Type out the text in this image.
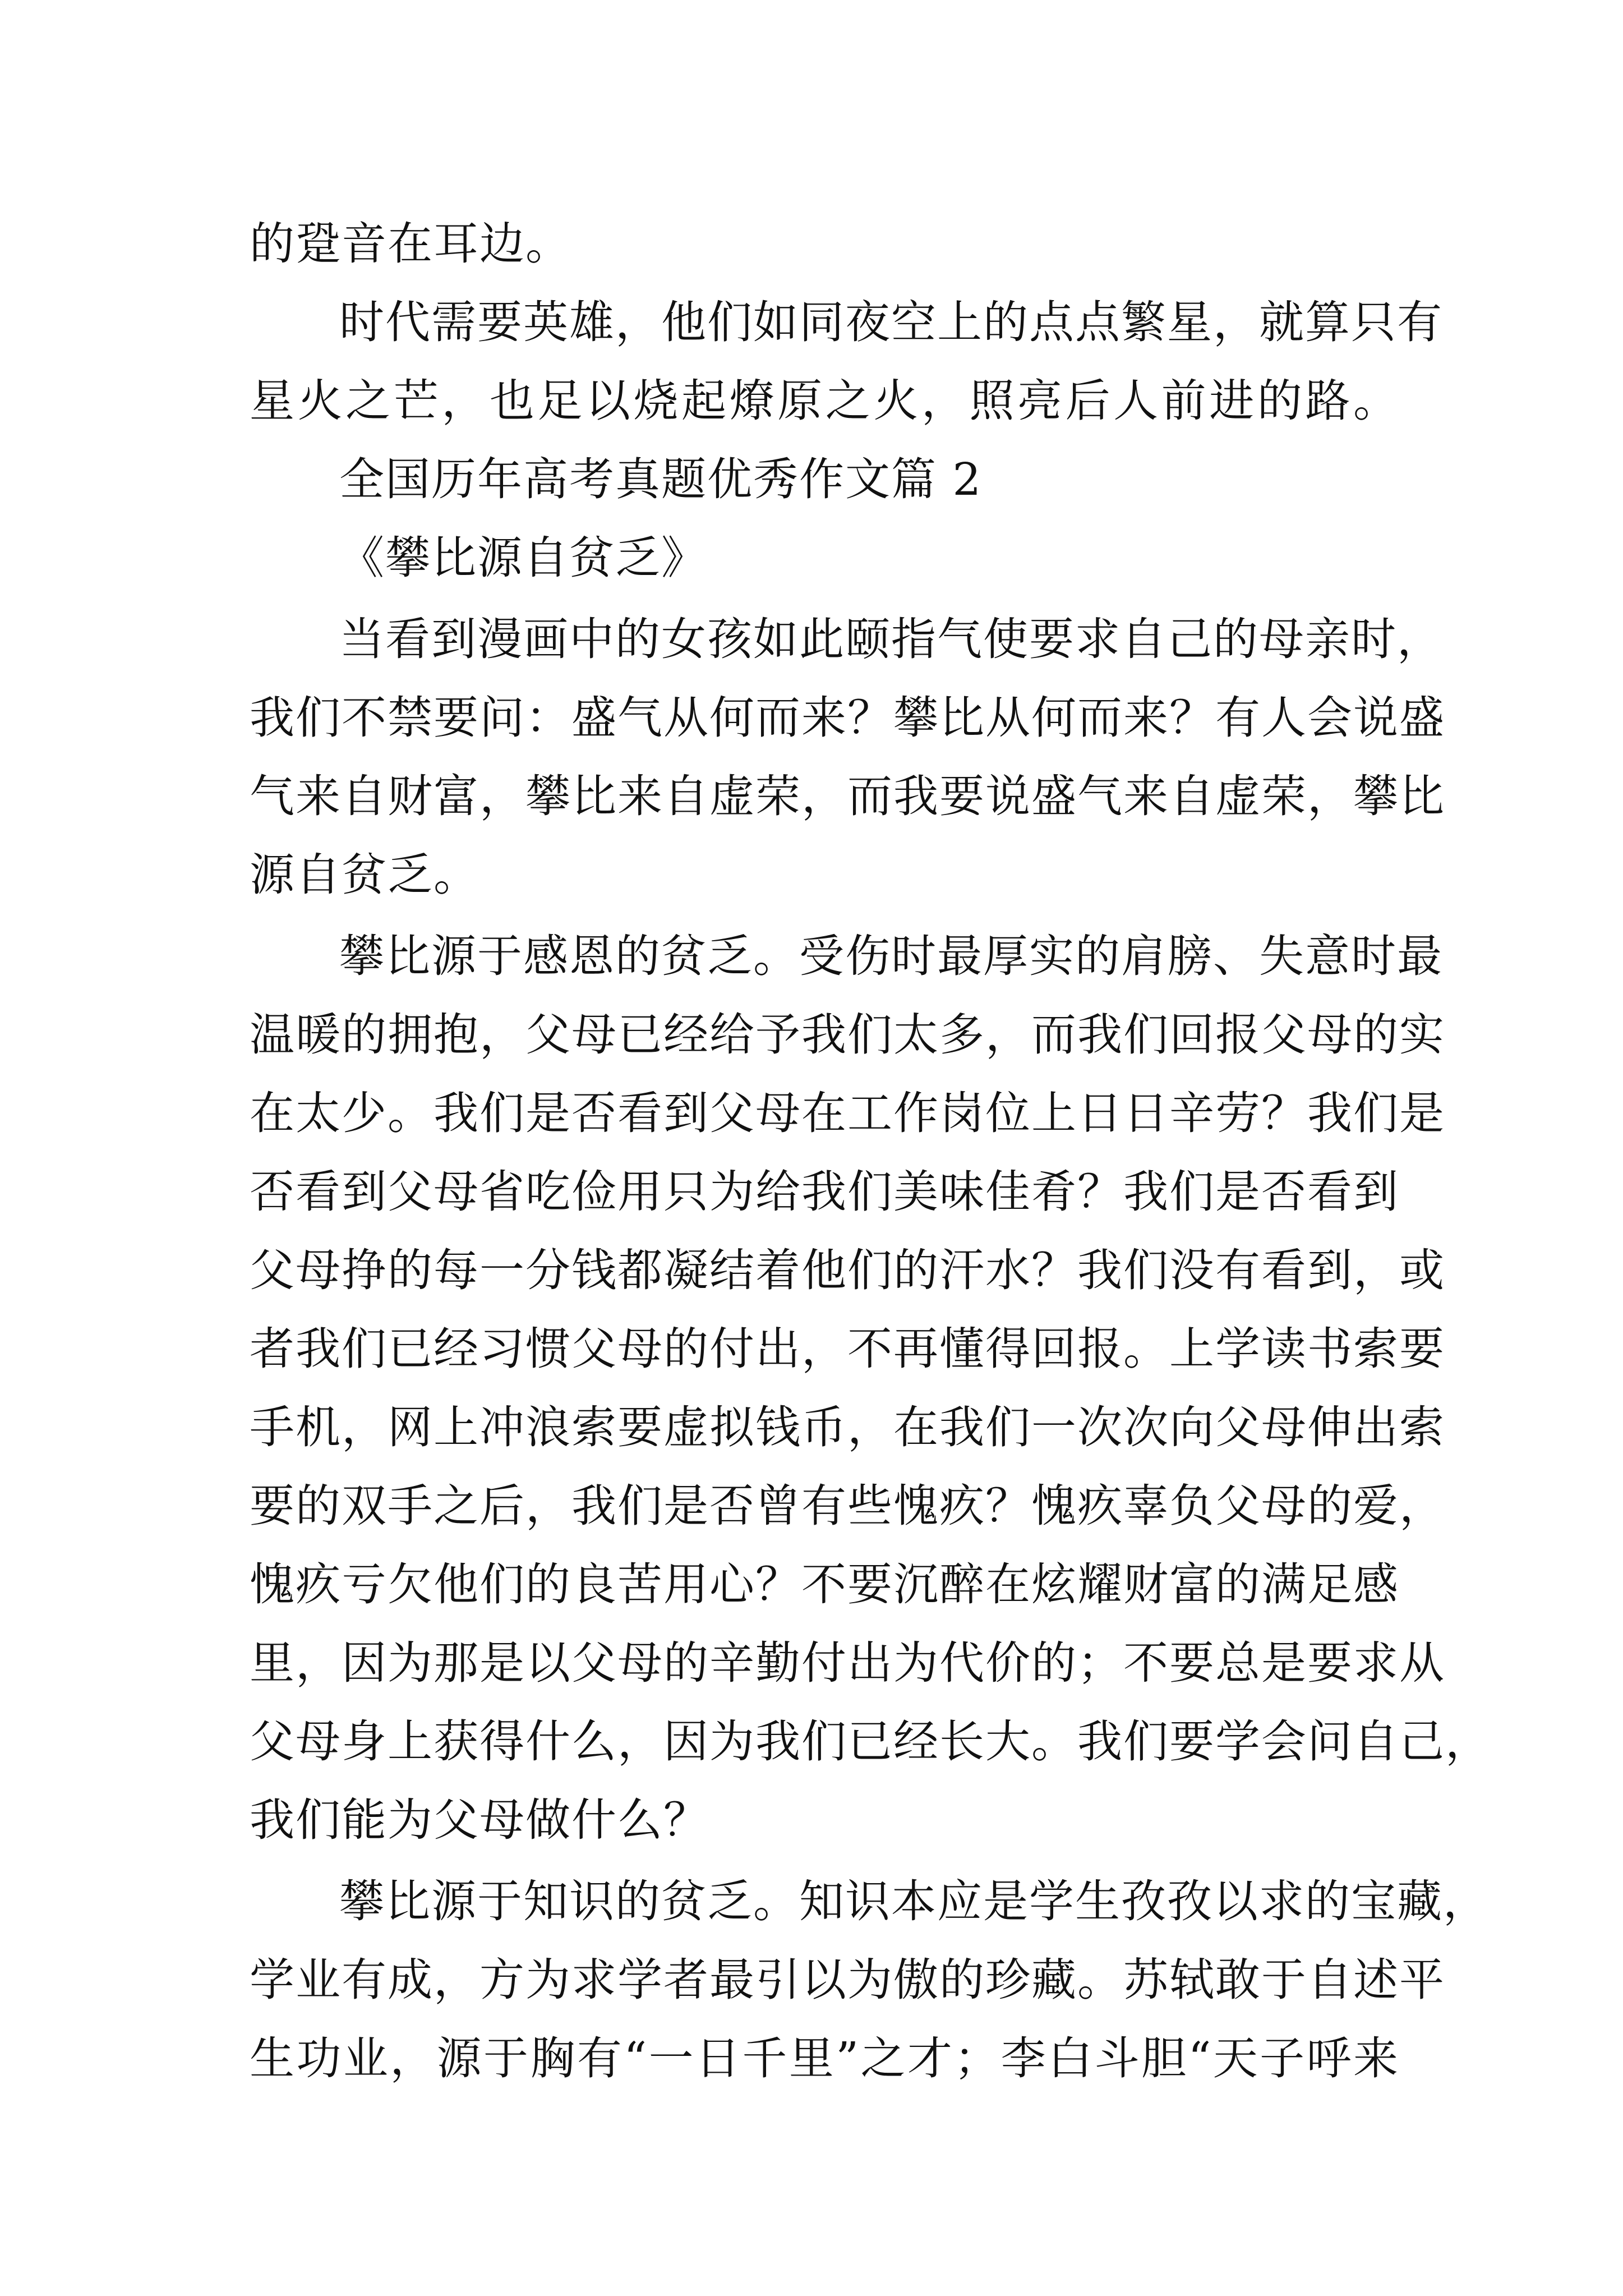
的跫音在耳边。
时代需要英雄，他们如同夜空上的点点繁星，就算只有
星火之芒，也足以烧起燎原之火，照亮后人前进的路。
全国历年高考真题优秀作文篇 2
《攀比源自贫乏》
当看到漫画中的女孩如此颐指气使要求自己的母亲时，
我们不禁要问：盛气从何而来？攀比从何而来？有人会说盛
气来自财富，攀比来自虚荣，而我要说盛气来自虚荣，攀比
源自贫乏。
攀比源于感恩的贫乏。受伤时最厚实的肩膀、失意时最
温暖的拥抱，父母已经给予我们太多，而我们回报父母的实
在太少。我们是否看到父母在工作岗位上日日辛劳？我们是
否看到父母省吃俭用只为给我们美味佳肴？我们是否看到
父母挣的每一分钱都凝结着他们的汗水？我们没有看到，或
者我们已经习惯父母的付出，不再懂得回报。上学读书索要
手机，网上冲浪索要虚拟钱币，在我们一次次向父母伸出索
要的双手之后，我们是否曾有些愧疚？愧疚辜负父母的爱，
愧疚亏欠他们的良苦用心？不要沉醉在炫耀财富的满足感
里，因为那是以父母的辛勤付出为代价的；不要总是要求从
父母身上获得什么，因为我们已经长大。我们要学会问自己，
我们能为父母做什么？
攀比源于知识的贫乏。知识本应是学生孜孜以求的宝藏，
学业有成，方为求学者最引以为傲的珍藏。苏轼敢于自述平
生功业，源于胸有“一日千里”之才；李白斗胆“天子呼来
